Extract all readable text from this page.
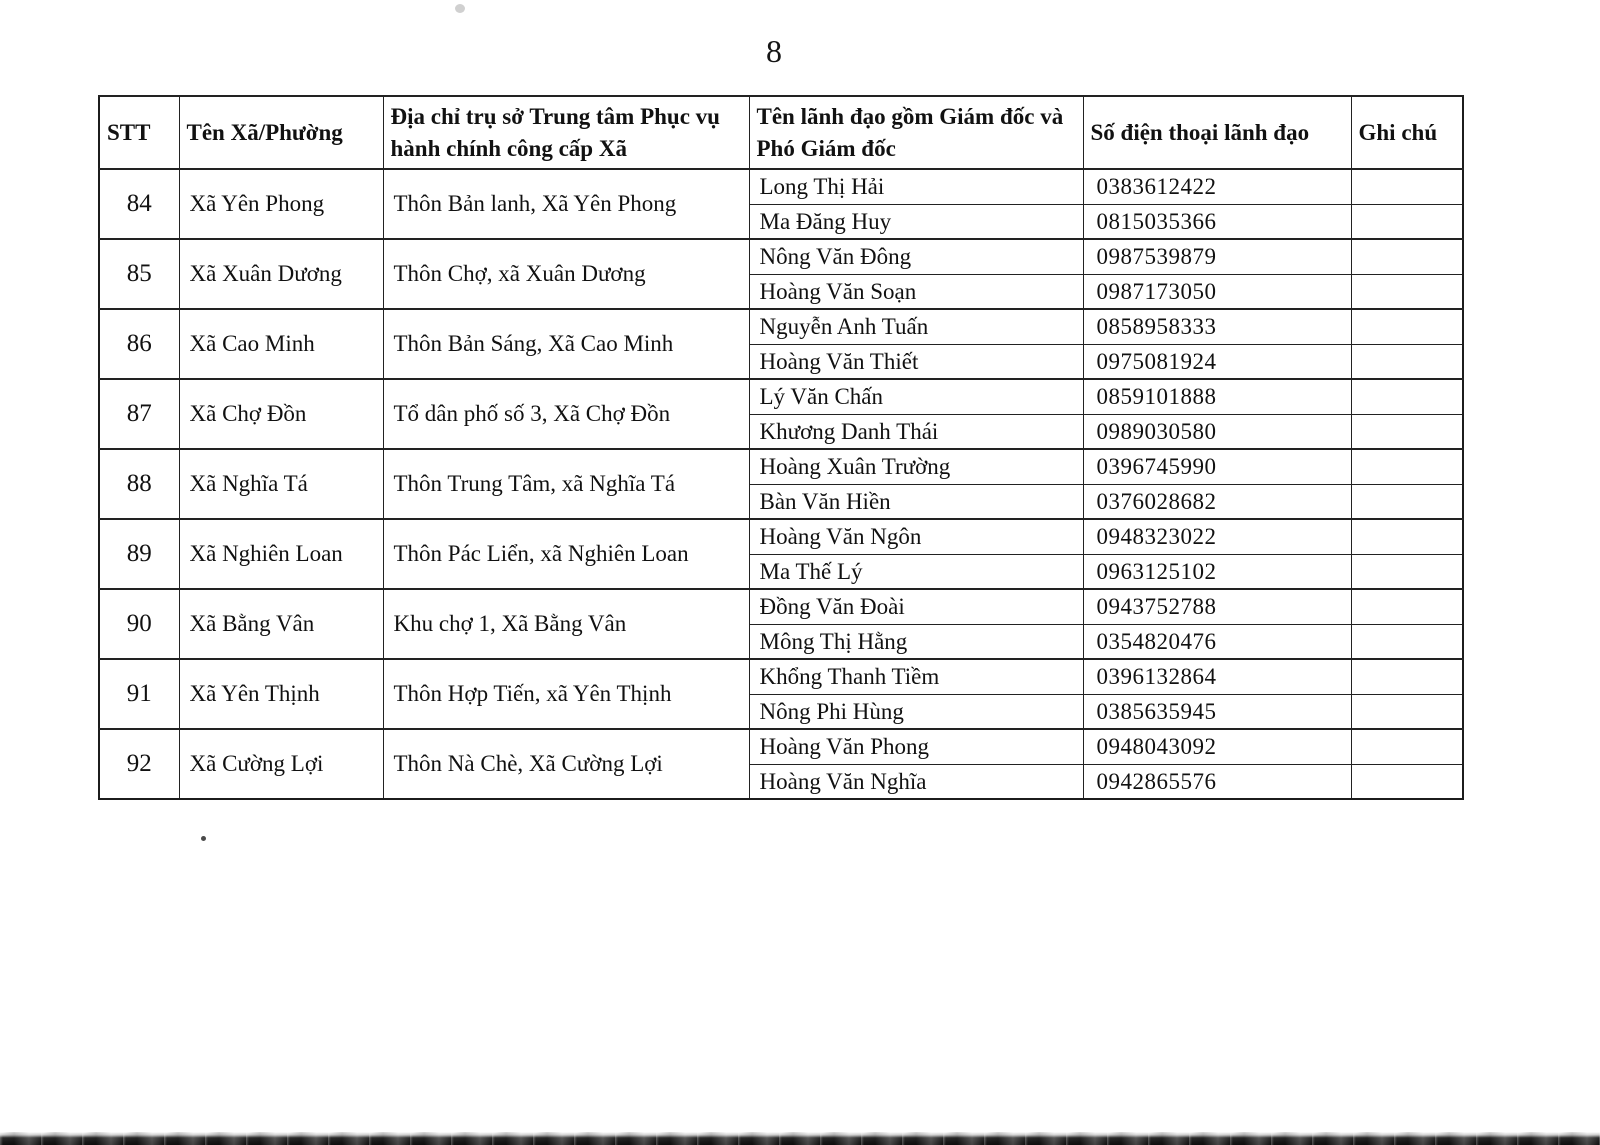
8
STT	Tên Xã/Phường	Địa chỉ trụ sở Trung tâm Phục vụ hành chính công cấp Xã	Tên lãnh đạo gồm Giám đốc và Phó Giám đốc	Số điện thoại lãnh đạo	Ghi chú
84	Xã Yên Phong	Thôn Bản lanh, Xã Yên Phong	Long Thị Hải	0383612422	
			Ma Đăng Huy	0815035366	
85	Xã Xuân Dương	Thôn Chợ, xã Xuân Dương	Nông Văn Đông	0987539879	
			Hoàng Văn Soạn	0987173050	
86	Xã Cao Minh	Thôn Bản Sáng, Xã Cao Minh	Nguyễn Anh Tuấn	0858958333	
			Hoàng Văn Thiết	0975081924	
87	Xã Chợ Đồn	Tổ dân phố số 3, Xã Chợ Đồn	Lý Văn Chấn	0859101888	
			Khương Danh Thái	0989030580	
88	Xã Nghĩa Tá	Thôn Trung Tâm, xã Nghĩa Tá	Hoàng Xuân Trường	0396745990	
			Bàn Văn Hiền	0376028682	
89	Xã Nghiên Loan	Thôn Pác Liển, xã Nghiên Loan	Hoàng Văn Ngôn	0948323022	
			Ma Thế Lý	0963125102	
90	Xã Bằng Vân	Khu chợ 1, Xã Bằng Vân	Đồng Văn Đoài	0943752788	
			Mông Thị Hằng	0354820476	
91	Xã Yên Thịnh	Thôn Hợp Tiến, xã Yên Thịnh	Khổng Thanh Tiềm	0396132864	
			Nông Phi Hùng	0385635945	
92	Xã Cường Lợi	Thôn Nà Chè, Xã Cường Lợi	Hoàng Văn Phong	0948043092	
			Hoàng Văn Nghĩa	0942865576	
